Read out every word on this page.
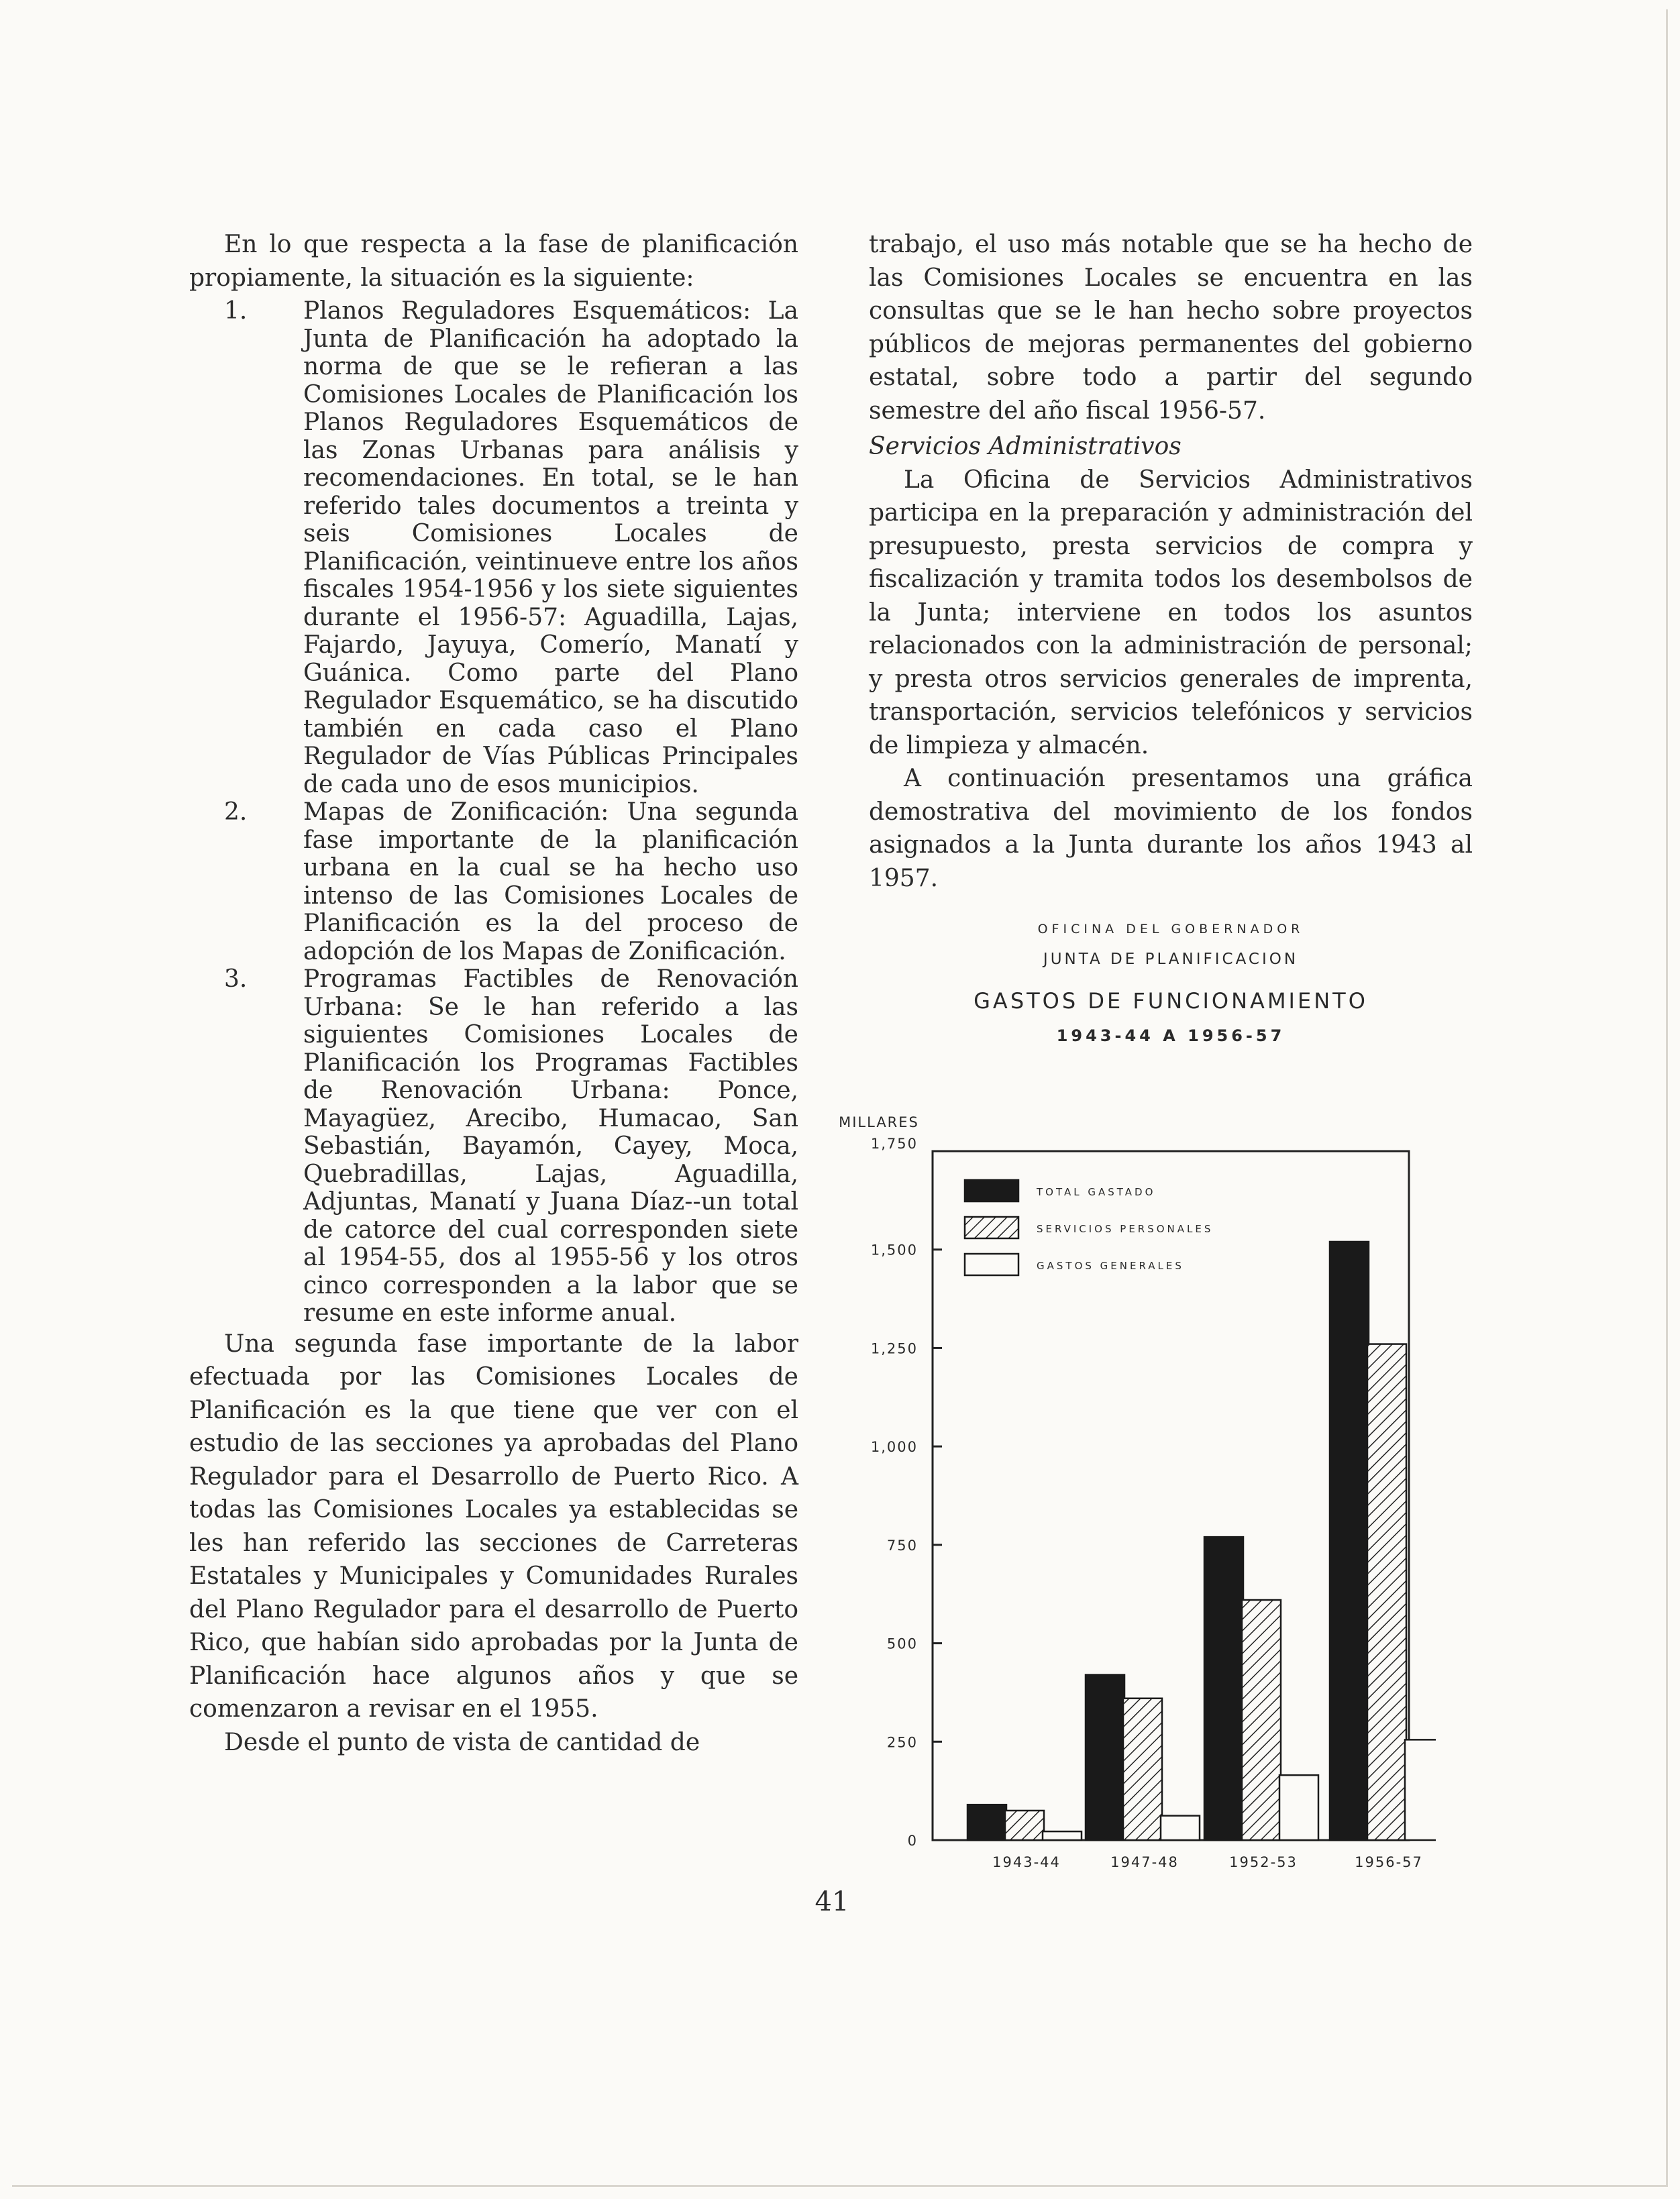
En lo que respecta a la fase de planificación propiamente, la situación es la siguiente:

1. Planos Reguladores Esquemáticos: La Junta de Planificación ha adoptado la norma de que se le refieran a las Comisiones Locales de Planificación los Planos Reguladores Esquemáticos de las Zonas Urbanas para análisis y recomendaciones. En total, se le han referido tales documentos a treinta y seis Comisiones Locales de Planificación, veintinueve entre los años fiscales 1954-1956 y los siete siguientes durante el 1956-57: Aguadilla, Lajas, Fajardo, Jayuya, Comerío, Manatí y Guánica. Como parte del Plano Regulador Esquemático, se ha discutido también en cada caso el Plano Regulador de Vías Públicas Principales de cada uno de esos municipios.
2. Mapas de Zonificación: Una segunda fase importante de la planificación urbana en la cual se ha hecho uso intenso de las Comisiones Locales de Planificación es la del proceso de adopción de los Mapas de Zonificación.
3. Programas Factibles de Renovación Urbana: Se le han referido a las siguientes Comisiones Locales de Planificación los Programas Factibles de Renovación Urbana: Ponce, Mayagüez, Arecibo, Humacao, San Sebastián, Bayamón, Cayey, Moca, Quebradillas, Lajas, Aguadilla, Adjuntas, Manatí y Juana Díaz--un total de catorce del cual corresponden siete al 1954-55, dos al 1955-56 y los otros cinco corresponden a la labor que se resume en este informe anual.

Una segunda fase importante de la labor efectuada por las Comisiones Locales de Planificación es la que tiene que ver con el estudio de las secciones ya aprobadas del Plano Regulador para el Desarrollo de Puerto Rico. A todas las Comisiones Locales ya establecidas se les han referido las secciones de Carreteras Estatales y Municipales y Comunidades Rurales del Plano Regulador para el desarrollo de Puerto Rico, que habían sido aprobadas por la Junta de Planificación hace algunos años y que se comenzaron a revisar en el 1955.

Desde el punto de vista de cantidad de

trabajo, el uso más notable que se ha hecho de las Comisiones Locales se encuentra en las consultas que se le han hecho sobre proyectos públicos de mejoras permanentes del gobierno estatal, sobre todo a partir del segundo semestre del año fiscal 1956-57.

Servicios Administrativos

La Oficina de Servicios Administrativos participa en la preparación y administración del presupuesto, presta servicios de compra y fiscalización y tramita todos los desembolsos de la Junta; interviene en todos los asuntos relacionados con la administración de personal; y presta otros servicios generales de imprenta, transportación, servicios telefónicos y servicios de limpieza y almacén.

A continuación presentamos una gráfica demostrativa del movimiento de los fondos asignados a la Junta durante los años 1943 al 1957.

OFICINA DEL GOBERNADOR
JUNTA DE PLANIFICACION
GASTOS DE FUNCIONAMIENTO
1943-44 A 1956-57
MILLARES
0
250
500
750
1,000
1,250
1,500
1,750
1943-44	1947-48	1952-53	1956-57
TOTAL GASTADO
SERVICIOS PERSONALES
GASTOS GENERALES
41
